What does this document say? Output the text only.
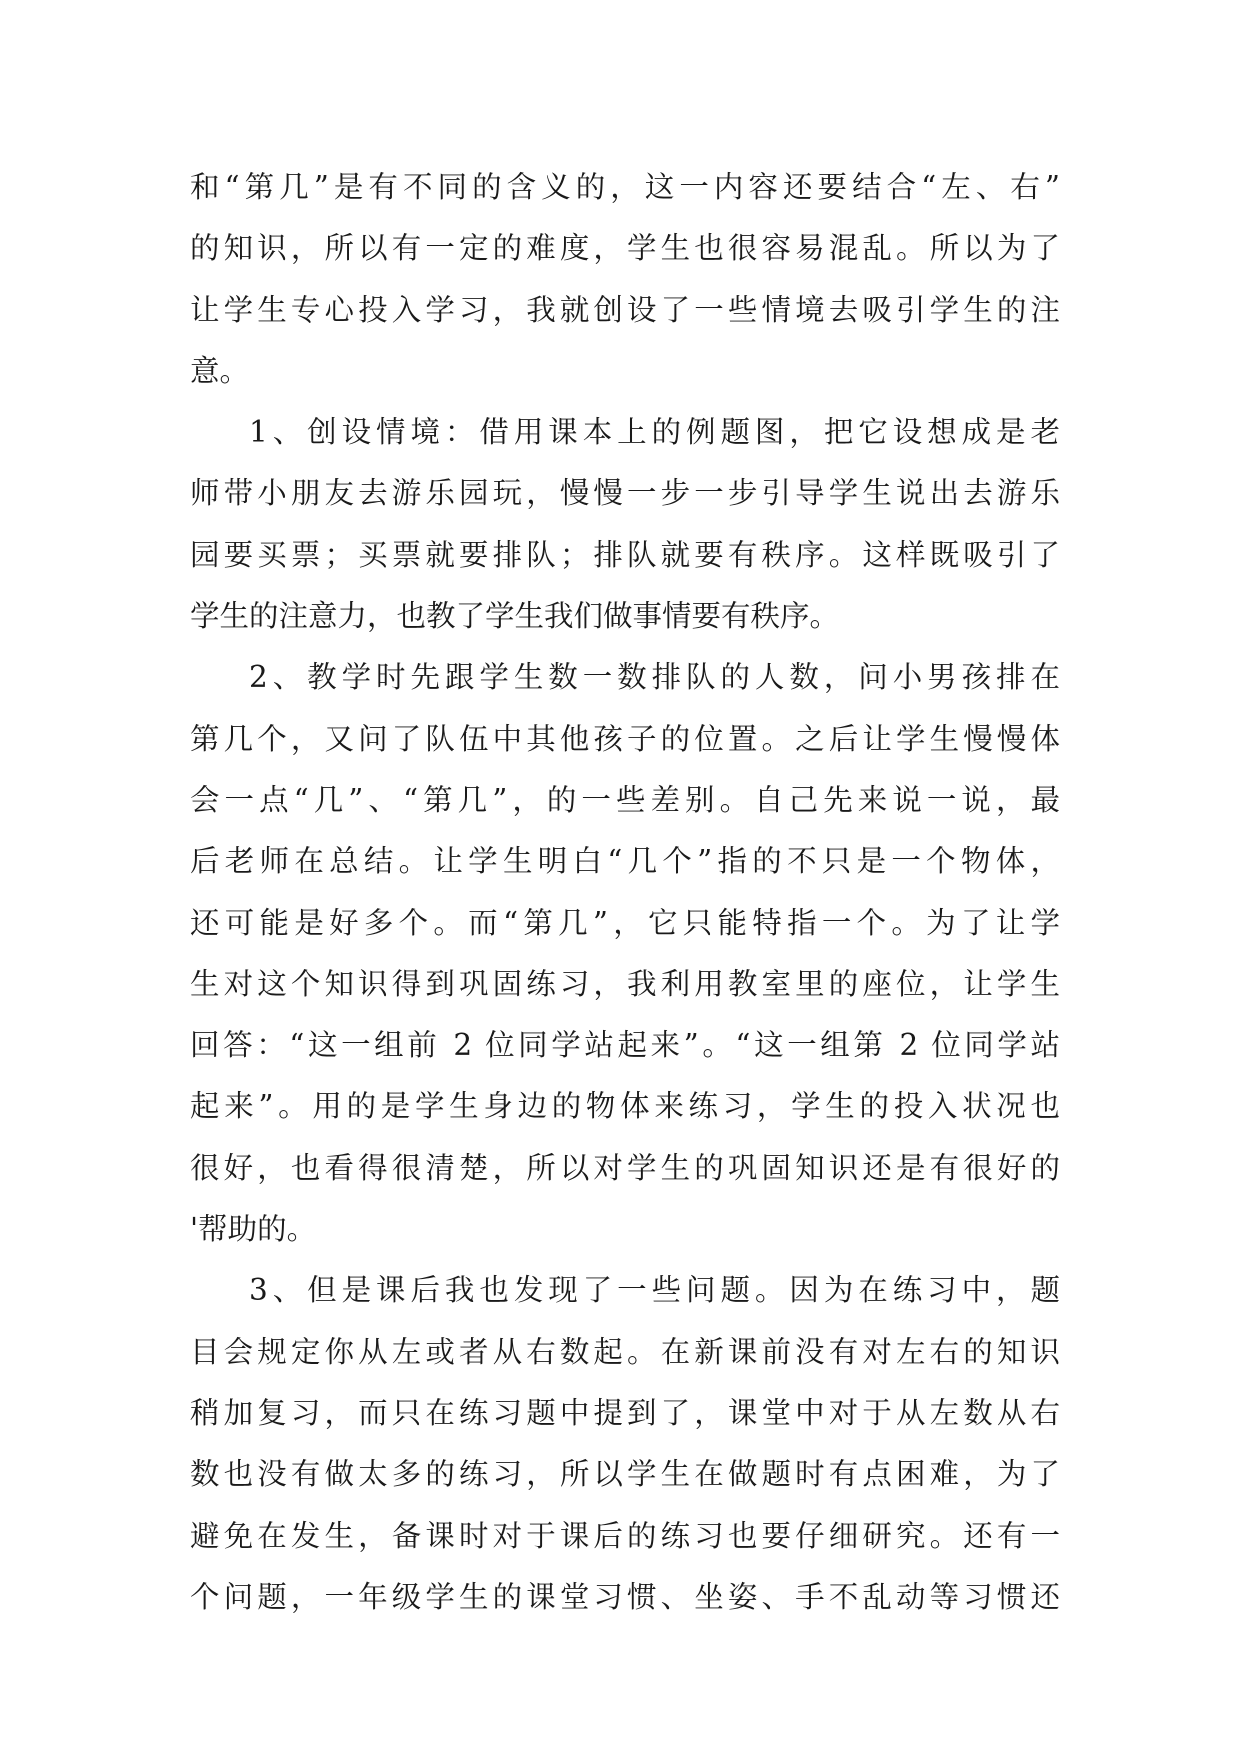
和“第几”是有不同的含义的，这一内容还要结合“左、右”
的知识，所以有一定的难度，学生也很容易混乱。所以为了
让学生专心投入学习，我就创设了一些情境去吸引学生的注
意。
1、创设情境：借用课本上的例题图，把它设想成是老
师带小朋友去游乐园玩，慢慢一步一步引导学生说出去游乐
园要买票；买票就要排队；排队就要有秩序。这样既吸引了
学生的注意力，也教了学生我们做事情要有秩序。
2、教学时先跟学生数一数排队的人数，问小男孩排在
第几个，又问了队伍中其他孩子的位置。之后让学生慢慢体
会一点“几”、“第几”，的一些差别。自己先来说一说，最
后老师在总结。让学生明白“几个”指的不只是一个物体，
还可能是好多个。而“第几”，它只能特指一个。为了让学
生对这个知识得到巩固练习，我利用教室里的座位，让学生
回答：“这一组前 2 位同学站起来”。“这一组第 2 位同学站
起来”。用的是学生身边的物体来练习，学生的投入状况也
很好，也看得很清楚，所以对学生的巩固知识还是有很好的
'帮助的。
3、但是课后我也发现了一些问题。因为在练习中，题
目会规定你从左或者从右数起。在新课前没有对左右的知识
稍加复习，而只在练习题中提到了，课堂中对于从左数从右
数也没有做太多的练习，所以学生在做题时有点困难，为了
避免在发生，备课时对于课后的练习也要仔细研究。还有一
个问题，一年级学生的课堂习惯、坐姿、手不乱动等习惯还
